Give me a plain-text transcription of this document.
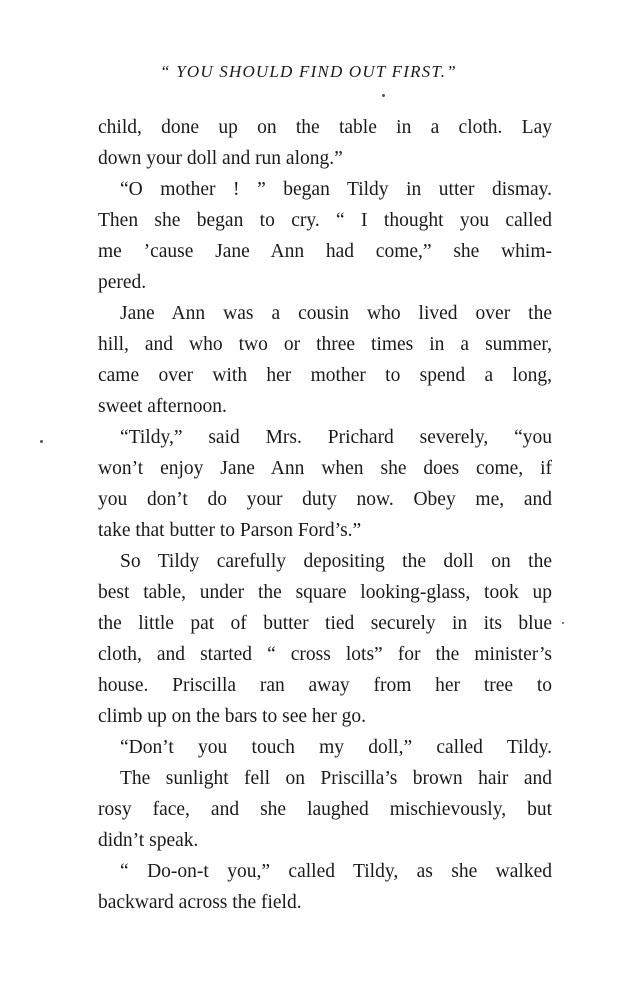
“ YOU SHOULD FIND OUT FIRST.”
child, done up on the table in a cloth. Lay
down your doll and run along.”
“O mother ! ” began Tildy in utter dismay.
Then she began to cry. “ I thought you called
me ’cause Jane Ann had come,” she whim-
pered.
Jane Ann was a cousin who lived over the
hill, and who two or three times in a summer,
came over with her mother to spend a long,
sweet afternoon.
“Tildy,” said Mrs. Prichard severely, “you
won’t enjoy Jane Ann when she does come, if
you don’t do your duty now. Obey me, and
take that butter to Parson Ford’s.”
So Tildy carefully depositing the doll on the
best table, under the square looking-glass, took up
the little pat of butter tied securely in its blue
cloth, and started “ cross lots” for the minister’s
house. Priscilla ran away from her tree to
climb up on the bars to see her go.
“Don’t you touch my doll,” called Tildy.
The sunlight fell on Priscilla’s brown hair and
rosy face, and she laughed mischievously, but
didn’t speak.
“ Do-on-t you,” called Tildy, as she walked
backward across the field.
